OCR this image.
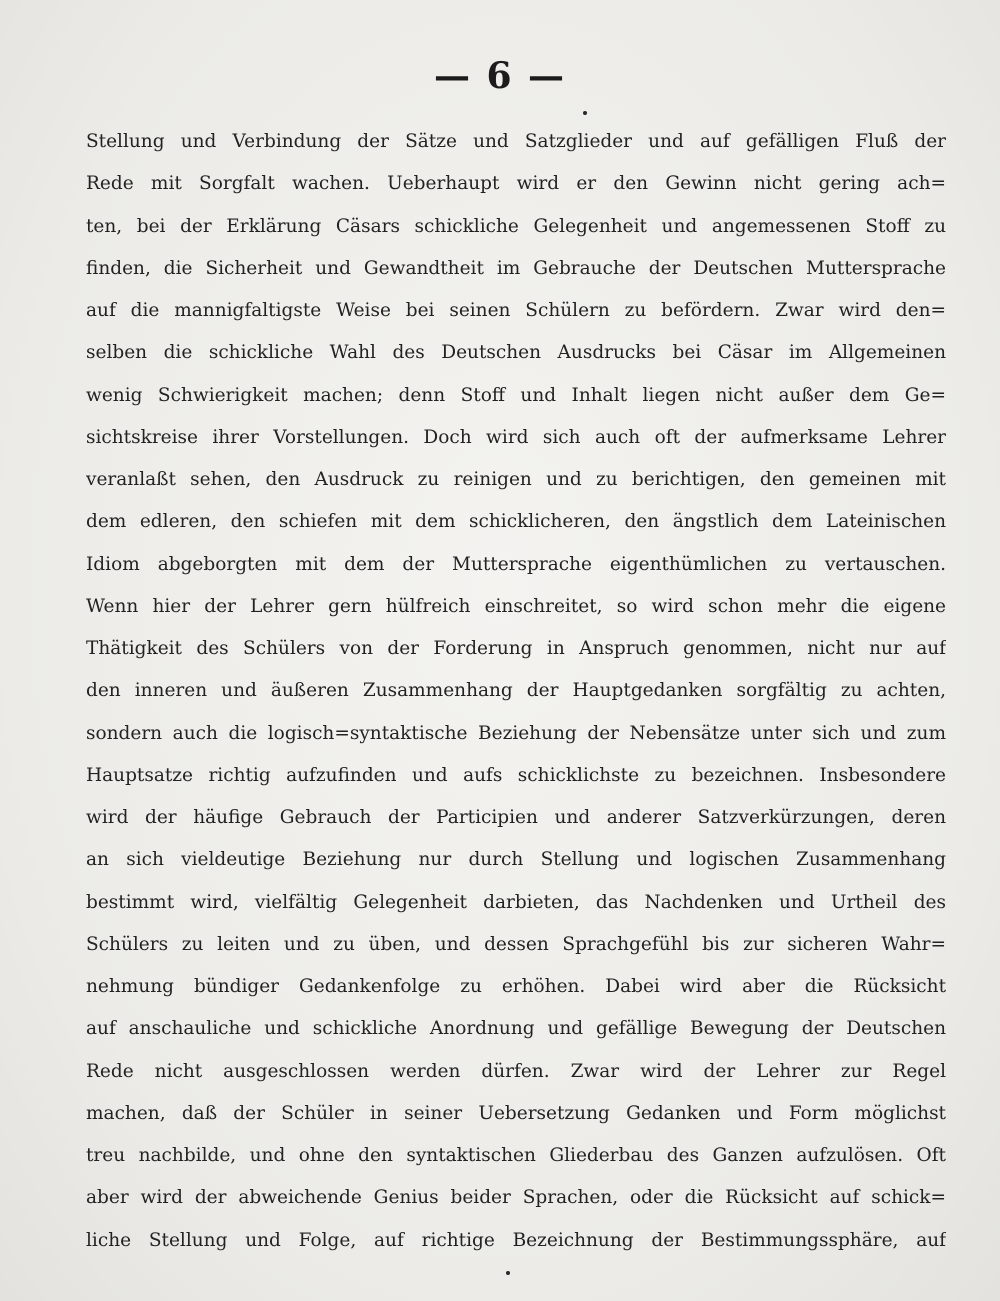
— 6 —
Stellung und Verbindung der Sätze und Satzglieder und auf gefälligen Fluß der
Rede mit Sorgfalt wachen. Ueberhaupt wird er den Gewinn nicht gering ach=
ten, bei der Erklärung Cäsars schickliche Gelegenheit und angemessenen Stoff zu
finden, die Sicherheit und Gewandtheit im Gebrauche der Deutschen Muttersprache
auf die mannigfaltigste Weise bei seinen Schülern zu befördern. Zwar wird den=
selben die schickliche Wahl des Deutschen Ausdrucks bei Cäsar im Allgemeinen
wenig Schwierigkeit machen; denn Stoff und Inhalt liegen nicht außer dem Ge=
sichtskreise ihrer Vorstellungen. Doch wird sich auch oft der aufmerksame Lehrer
veranlaßt sehen, den Ausdruck zu reinigen und zu berichtigen, den gemeinen mit
dem edleren, den schiefen mit dem schicklicheren, den ängstlich dem Lateinischen
Idiom abgeborgten mit dem der Muttersprache eigenthümlichen zu vertauschen.
Wenn hier der Lehrer gern hülfreich einschreitet, so wird schon mehr die eigene
Thätigkeit des Schülers von der Forderung in Anspruch genommen, nicht nur auf
den inneren und äußeren Zusammenhang der Hauptgedanken sorgfältig zu achten,
sondern auch die logisch=syntaktische Beziehung der Nebensätze unter sich und zum
Hauptsatze richtig aufzufinden und aufs schicklichste zu bezeichnen. Insbesondere
wird der häufige Gebrauch der Participien und anderer Satzverkürzungen, deren
an sich vieldeutige Beziehung nur durch Stellung und logischen Zusammenhang
bestimmt wird, vielfältig Gelegenheit darbieten, das Nachdenken und Urtheil des
Schülers zu leiten und zu üben, und dessen Sprachgefühl bis zur sicheren Wahr=
nehmung bündiger Gedankenfolge zu erhöhen. Dabei wird aber die Rücksicht
auf anschauliche und schickliche Anordnung und gefällige Bewegung der Deutschen
Rede nicht ausgeschlossen werden dürfen. Zwar wird der Lehrer zur Regel
machen, daß der Schüler in seiner Uebersetzung Gedanken und Form möglichst
treu nachbilde, und ohne den syntaktischen Gliederbau des Ganzen aufzulösen. Oft
aber wird der abweichende Genius beider Sprachen, oder die Rücksicht auf schick=
liche Stellung und Folge, auf richtige Bezeichnung der Bestimmungssphäre, auf
